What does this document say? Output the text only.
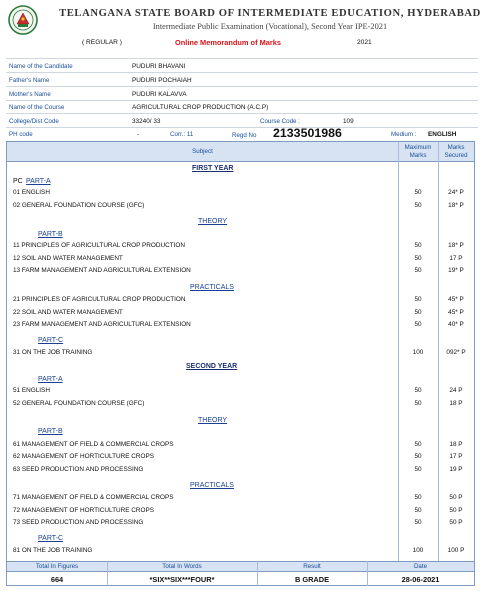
TELANGANA STATE BOARD OF INTERMEDIATE EDUCATION, HYDERABAD
Intermediate Public Examination (Vocational), Second Year IPE-2021
( REGULAR )	Online Memorandum of Marks	2021
Name of the Candidate	PUDURI BHAVANI
Father's Name	PUDURI POCHAIAH
Mother's Name	PUDURI KALAVVA
Name of the Course	AGRICULTURAL CROP PRODUCTION (A.C.P)
College/Dist Code	33240/ 33	Course Code :	109
PH code	-	Corr.: 11	Regd No 2133501986	Medium : ENGLISH
Subject
Maximum
Marks
Marks
Secured
FIRST YEAR
PC PART-A
01 ENGLISH	50	24* P
02 GENERAL FOUNDATION COURSE (GFC)	50	18* P
THEORY
PART-B
11 PRINCIPLES OF AGRICULTURAL CROP PRODUCTION	50	18* P
12 SOIL AND WATER MANAGEMENT	50	17 P
13 FARM MANAGEMENT AND AGRICULTURAL EXTENSION	50	19* P
PRACTICALS
21 PRINCIPLES OF AGRICULTURAL CROP PRODUCTION	50	45* P
22 SOIL AND WATER MANAGEMENT	50	45* P
23 FARM MANAGEMENT AND AGRICULTURAL EXTENSION	50	40* P
PART-C
31 ON THE JOB TRAINING	100	092* P
SECOND YEAR
PART-A
51 ENGLISH	50	24 P
52 GENERAL FOUNDATION COURSE (GFC)	50	18 P
THEORY
PART-B
61 MANAGEMENT OF FIELD & COMMERCIAL CROPS	50	18 P
62 MANAGEMENT OF HORTICULTURE CROPS	50	17 P
63 SEED PRODUCTION AND PROCESSING	50	19 P
PRACTICALS
71 MANAGEMENT OF FIELD & COMMERCIAL CROPS	50	50 P
72 MANAGEMENT OF HORTICULTURE CROPS	50	50 P
73 SEED PRODUCTION AND PROCESSING	50	50 P
PART-C
81 ON THE JOB TRAINING	100	100 P
Total In Figures	Total In Words	Result	Date
664	*SIX**SIX***FOUR*	B GRADE	28-06-2021
